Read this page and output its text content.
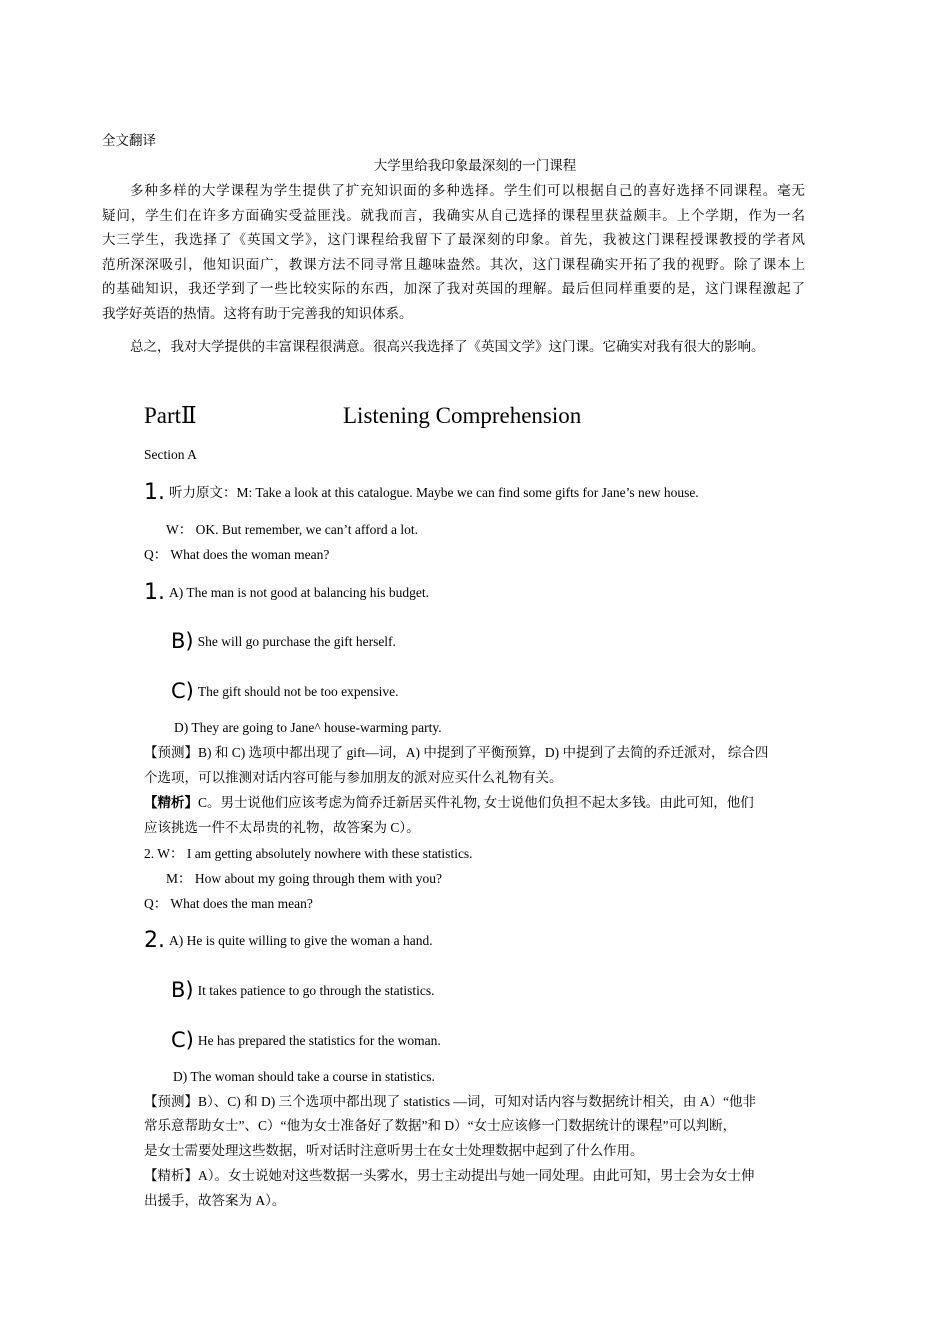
全文翻译
大学里给我印象最深刻的一门课程
多种多样的大学课程为学生提供了扩充知识面的多种选择。学生们可以根据自己的喜好选择不同课程。毫无
疑问，学生们在许多方面确实受益匪浅。就我而言，我确实从自己选择的课程里获益颇丰。上个学期，作为一名
大三学生，我选择了《英国文学》，这门课程给我留下了最深刻的印象。首先，我被这门课程授课教授的学者风
范所深深吸引，他知识面广，教课方法不同寻常且趣味盎然。其次，这门课程确实开拓了我的视野。除了课本上
的基础知识，我还学到了一些比较实际的东西，加深了我对英国的理解。最后但同样重要的是，这门课程激起了
我学好英语的热情。这将有助于完善我的知识体系。
总之，我对大学提供的丰富课程很满意。很高兴我选择了《英国文学》这门课。它确实对我有很大的影响。
PartⅡ	Listening Comprehension
Section A
1. 听力原文：M: Take a look at this catalogue. Maybe we can find some gifts for Jane’s new house.
W： OK. But remember, we can’t afford a lot.
Q： What does the woman mean?
1. A) The man is not good at balancing his budget.
B) She will go purchase the gift herself.
C) The gift should not be too expensive.
D) They are going to Jane^ house-warming party.
【预测】B) 和 C) 选项中都出现了 gift—词，A) 中提到了平衡预算，D) 中提到了去简的乔迁派对， 综合四
个选项，可以推测对话内容可能与参加朋友的派对应买什么礼物有关。
【精析】C。男士说他们应该考虑为简乔迁新居买件礼物, 女士说他们负担不起太多钱。由此可知，他们
应该挑选一件不太昂贵的礼物，故答案为 C）。
2. W： I am getting absolutely nowhere with these statistics.
M： How about my going through them with you?
Q： What does the man mean?
2. A) He is quite willing to give the woman a hand.
B) It takes patience to go through the statistics.
C) He has prepared the statistics for the woman.
D) The woman should take a course in statistics.
【预测】B）、C) 和 D) 三个选项中都出现了 statistics —词，可知对话内容与数据统计相关，由 A）“他非
常乐意帮助女士”、C）“他为女士准备好了数据”和 D）“女士应该修一门数据统计的课程”可以判断，
是女士需要处理这些数据，听对话时注意听男士在女士处理数据中起到了什么作用。
【精析】A）。女士说她对这些数据一头雾水，男士主动提出与她一同处理。由此可知，男士会为女士伸
出援手，故答案为 A）。
